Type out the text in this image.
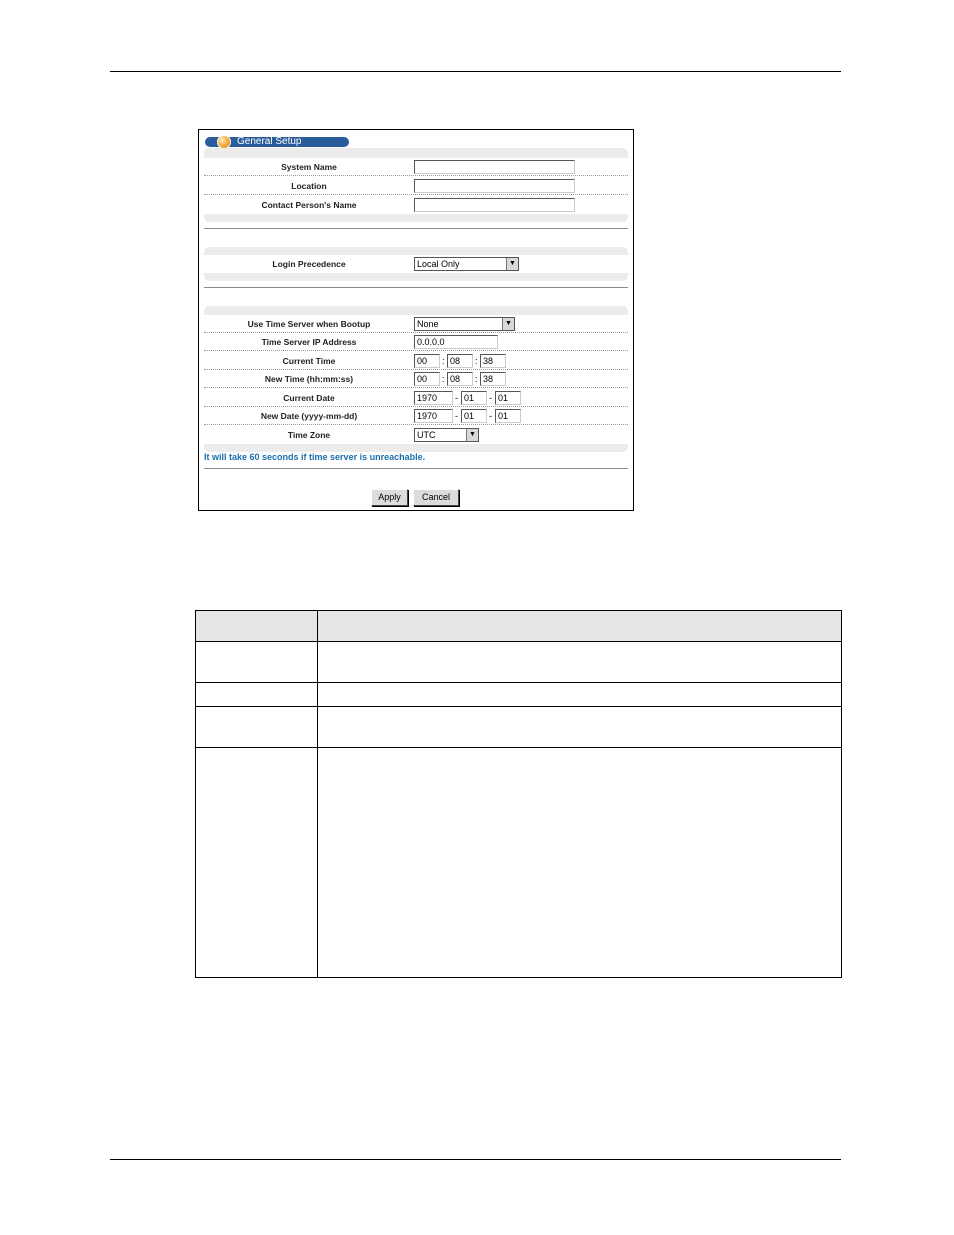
General Setup
System Name
Location
Contact Person's Name
Login Precedence	Local Only	▼
Use Time Server when Bootup	None	▼
Time Server IP Address	0.0.0.0
Current Time	00	: 08	: 38
New Time (hh:mm:ss)	00	: 08	: 38
Current Date	1970	- 01	- 01
New Date (yyyy-mm-dd)	1970	- 01	- 01
Time Zone	UTC	▼
It will take 60 seconds if time server is unreachable.
Apply	Cancel
